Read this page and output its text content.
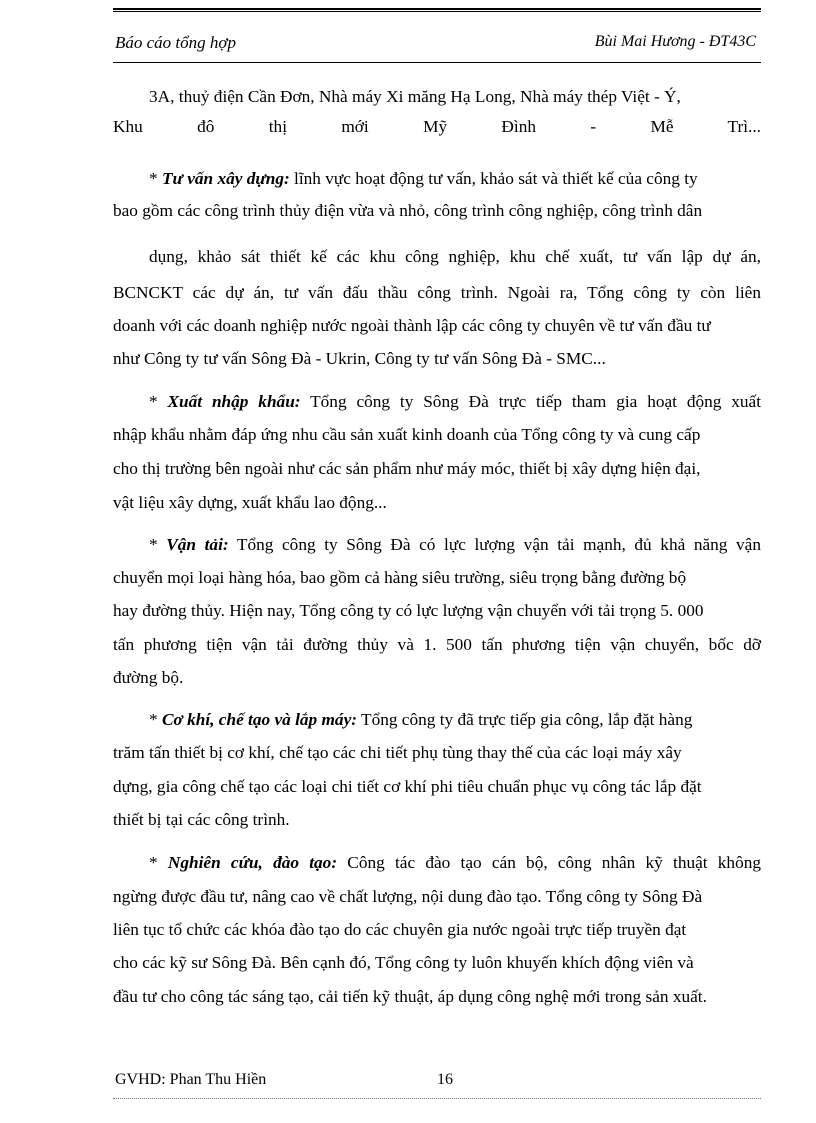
Báo cáo tổng hợp	Bùi Mai Hương - ĐT43C
3A, thuỷ điện Cần Đơn, Nhà máy Xi măng Hạ Long, Nhà máy thép Việt - Ý,
Khu đô thị mới Mỹ Đình - Mễ Trì...
* Tư vấn xây dựng: lĩnh vực hoạt động tư vấn, khảo sát và thiết kế của công ty
bao gồm các công trình thủy điện vừa và nhỏ, công trình công nghiệp, công trình dân
dụng, khảo sát thiết kế các khu công nghiệp, khu chế xuất, tư vấn lập dự án,
BCNCKT các dự án, tư vấn đấu thầu công trình. Ngoài ra, Tổng công ty còn liên
doanh với các doanh nghiệp nước ngoài thành lập các công ty chuyên về tư vấn đầu tư
như Công ty tư vấn Sông Đà - Ukrin, Công ty tư vấn Sông Đà - SMC...
* Xuất nhập khẩu: Tổng công ty Sông Đà trực tiếp tham gia hoạt động xuất
nhập khẩu nhằm đáp ứng nhu cầu sản xuất kinh doanh của Tổng công ty và cung cấp
cho thị trường bên ngoài như các sản phẩm như máy móc, thiết bị xây dựng hiện đại,
vật liệu xây dựng, xuất khẩu lao động...
* Vận tải: Tổng công ty Sông Đà có lực lượng vận tải mạnh, đủ khả năng vận
chuyển mọi loại hàng hóa, bao gồm cả hàng siêu trường, siêu trọng bằng đường bộ
hay đường thủy. Hiện nay, Tổng công ty có lực lượng vận chuyển với tải trọng 5. 000
tấn phương tiện vận tải đường thủy và 1. 500 tấn phương tiện vận chuyển, bốc dỡ
đường bộ.
* Cơ khí, chế tạo và lắp máy: Tổng công ty đã trực tiếp gia công, lắp đặt hàng
trăm tấn thiết bị cơ khí, chế tạo các chi tiết phụ tùng thay thế của các loại máy xây
dựng, gia công chế tạo các loại chi tiết cơ khí phi tiêu chuẩn phục vụ công tác lắp đặt
thiết bị tại các công trình.
* Nghiên cứu, đào tạo: Công tác đào tạo cán bộ, công nhân kỹ thuật không
ngừng được đầu tư, nâng cao về chất lượng, nội dung đào tạo. Tổng công ty Sông Đà
liên tục tổ chức các khóa đào tạo do các chuyên gia nước ngoài trực tiếp truyền đạt
cho các kỹ sư Sông Đà. Bên cạnh đó, Tổng công ty luôn khuyến khích động viên và
đầu tư cho công tác sáng tạo, cải tiến kỹ thuật, áp dụng công nghệ mới trong sản xuất.
GVHD: Phan Thu Hiền	16
